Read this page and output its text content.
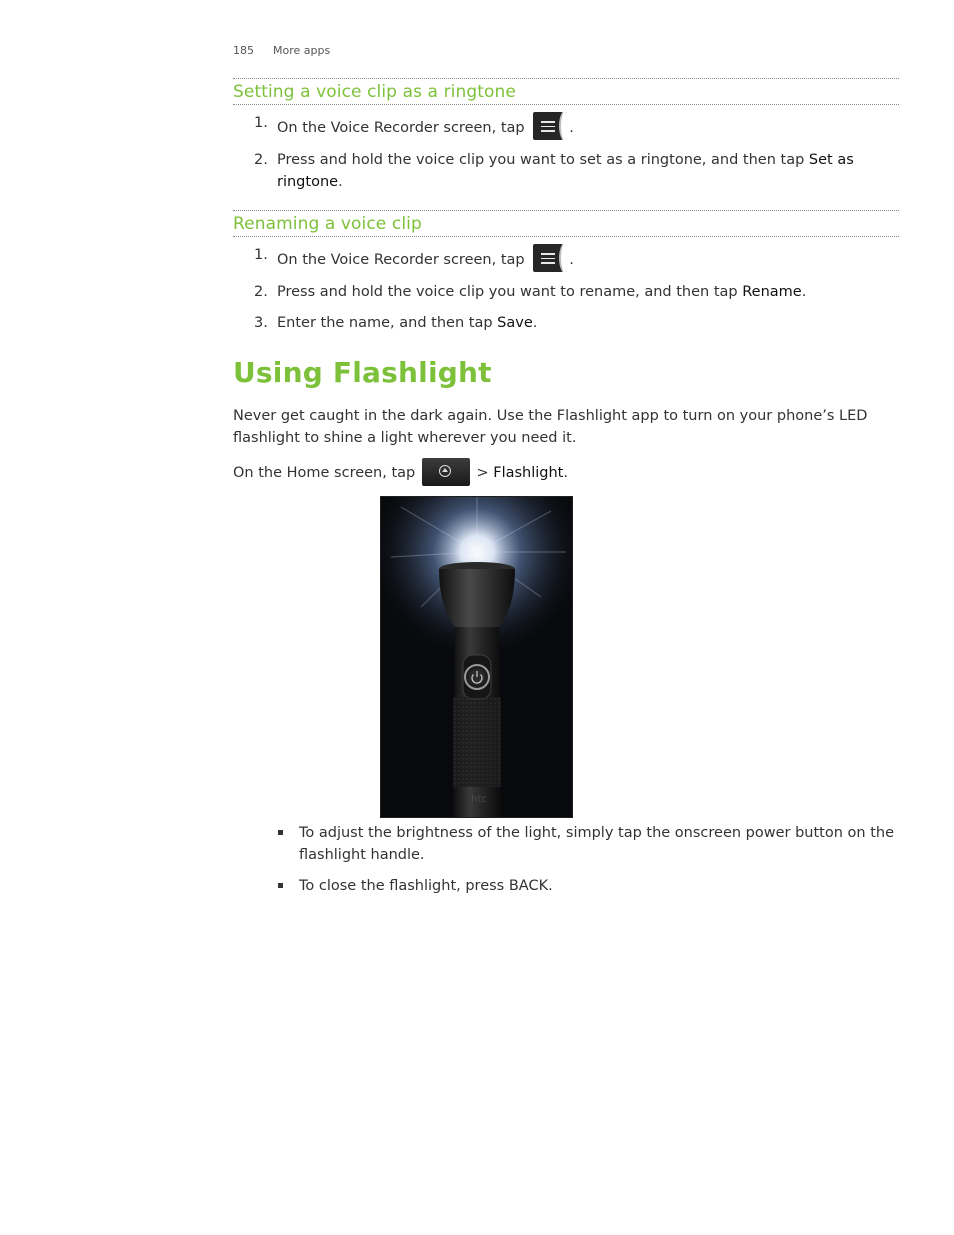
185 More apps
Setting a voice clip as a ringtone
1. On the Voice Recorder screen, tap	.
2. Press and hold the voice clip you want to set as a ringtone, and then tap Set as ringtone.
Renaming a voice clip
1. On the Voice Recorder screen, tap	.
2. Press and hold the voice clip you want to rename, and then tap Rename.
3. Enter the name, and then tap Save.
Using Flashlight
Never get caught in the dark again. Use the Flashlight app to turn on your phone’s LED flashlight to shine a light wherever you need it.
On the Home screen, tap	> Flashlight.
htc
To adjust the brightness of the light, simply tap the onscreen power button on the flashlight handle.
To close the flashlight, press BACK.
